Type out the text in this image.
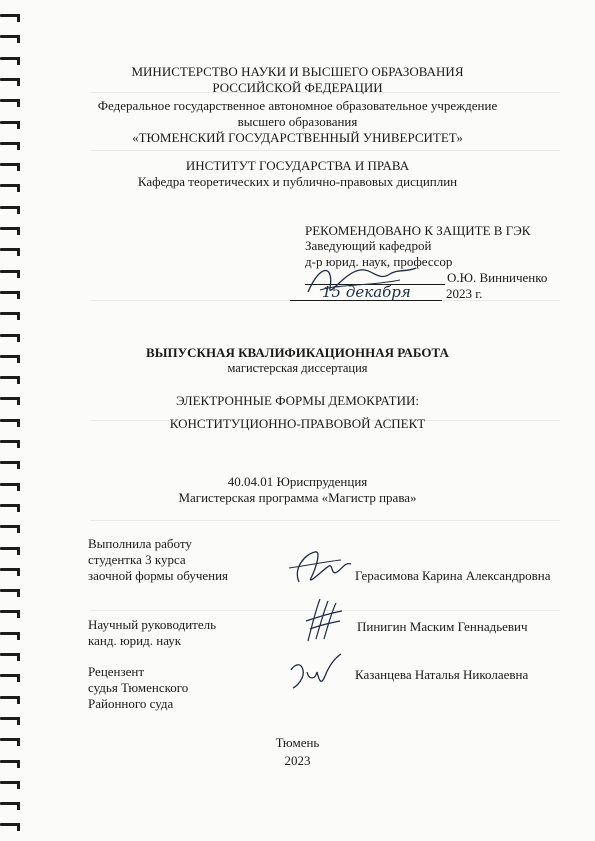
МИНИСТЕРСТВО НАУКИ И ВЫСШЕГО ОБРАЗОВАНИЯ
РОССИЙСКОЙ ФЕДЕРАЦИИ
Федеральное государственное автономное образовательное учреждение
высшего образования
«ТЮМЕНСКИЙ ГОСУДАРСТВЕННЫЙ УНИВЕРСИТЕТ»
ИНСТИТУТ ГОСУДАРСТВА И ПРАВА
Кафедра теоретических и публично-правовых дисциплин
РЕКОМЕНДОВАНО К ЗАЩИТЕ В ГЭК
Заведующий кафедрой
д-р юрид. наук, профессор
О.Ю. Винниченко
2023 г.
15 декабря
ВЫПУСКНАЯ КВАЛИФИКАЦИОННАЯ РАБОТА
магистерская диссертация
ЭЛЕКТРОННЫЕ ФОРМЫ ДЕМОКРАТИИ:
КОНСТИТУЦИОННО-ПРАВОВОЙ АСПЕКТ
40.04.01 Юриспруденция
Магистерская программа «Магистр права»
Выполнила работу
студентка 3 курса
заочной формы обучения	Герасимова Карина Александровна
Научный руководитель
канд. юрид. наук
Пинигин Маским Геннадьевич
Рецензент
судья Тюменского
Районного суда
Казанцева Наталья Николаевна
Тюмень
2023
